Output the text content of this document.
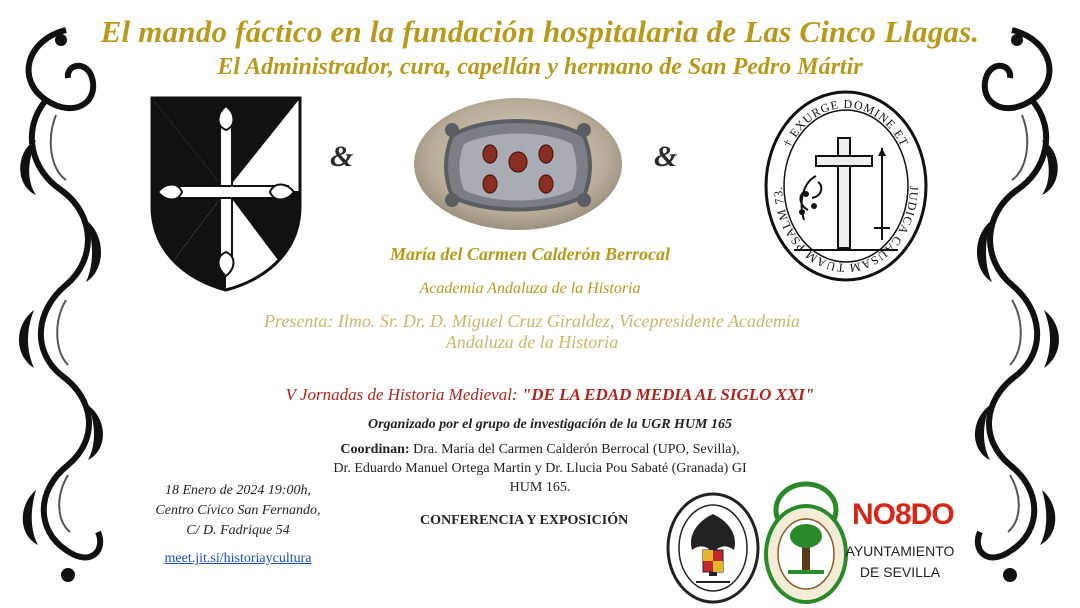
El mando fáctico en la fundación hospitalaria de Las Cinco Llagas.
El Administrador, cura, capellán y hermano de San Pedro Mártir
&	&	† EXURGE DOMINE ET
JUDICA CAUSAM TUAM PSALM 73.
María del Carmen Calderón Berrocal
Academia Andaluza de la Historia
Presenta: Ilmo. Sr. Dr. D. Miguel Cruz Giraldez, Vicepresidente Academia
Andaluza de la Historia
V Jornadas de Historia Medieval: "DE LA EDAD MEDIA AL SIGLO XXI"
Organizado por el grupo de investigación de la UGR HUM 165
Coordinan: Dra. María del Carmen Calderón Berrocal (UPO, Sevilla),
Dr. Eduardo Manuel Ortega Martin y Dr. Llucia Pou Sabaté (Granada) GI
HUM 165.
18 Enero de 2024 19:00h,
Centro Cívico San Fernando,
C/ D. Fadrique 54
meet.jit.si/historiaycultura
CONFERENCIA Y EXPOSICIÓN	NO8DO
AYUNTAMIENTO
DE SEVILLA
